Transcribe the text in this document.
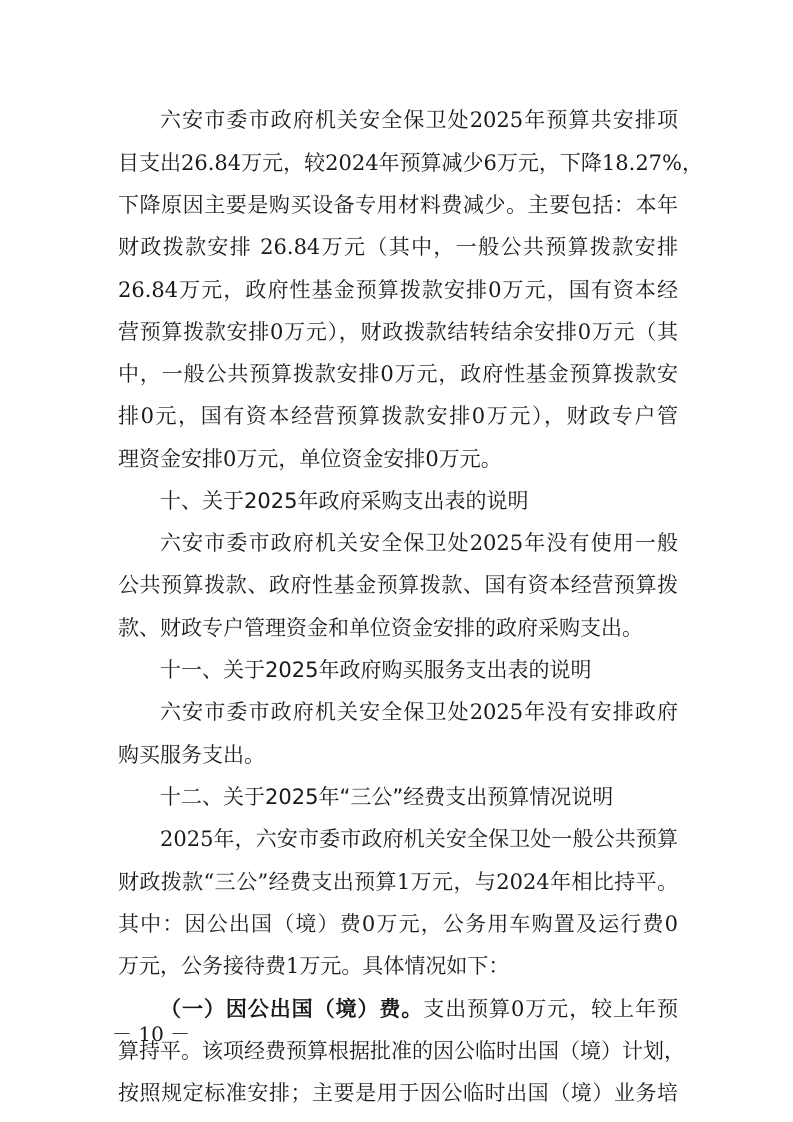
六安市委市政府机关安全保卫处2025年预算共安排项
目支出26.84万元，较2024年预算减少6万元，下降18.27%，
下降原因主要是购买设备专用材料费减少。主要包括：本年
财政拨款安排 26.84万元（其中，一般公共预算拨款安排
26.84万元，政府性基金预算拨款安排0万元，国有资本经
营预算拨款安排0万元），财政拨款结转结余安排0万元（其
中，一般公共预算拨款安排0万元，政府性基金预算拨款安
排0元，国有资本经营预算拨款安排0万元），财政专户管
理资金安排0万元，单位资金安排0万元。
十、关于2025年政府采购支出表的说明
六安市委市政府机关安全保卫处2025年没有使用一般
公共预算拨款、政府性基金预算拨款、国有资本经营预算拨
款、财政专户管理资金和单位资金安排的政府采购支出。
十一、关于2025年政府购买服务支出表的说明
六安市委市政府机关安全保卫处2025年没有安排政府
购买服务支出。
十二、关于2025年“三公”经费支出预算情况说明
2025年，六安市委市政府机关安全保卫处一般公共预算
财政拨款“三公”经费支出预算1万元，与2024年相比持平。
其中：因公出国（境）费0万元，公务用车购置及运行费0
万元，公务接待费1万元。具体情况如下：
（一）因公出国（境）费。支出预算0万元，较上年预
算持平。该项经费预算根据批准的因公临时出国（境）计划，
按照规定标准安排；主要是用于因公临时出国（境）业务培
－ 10 －
